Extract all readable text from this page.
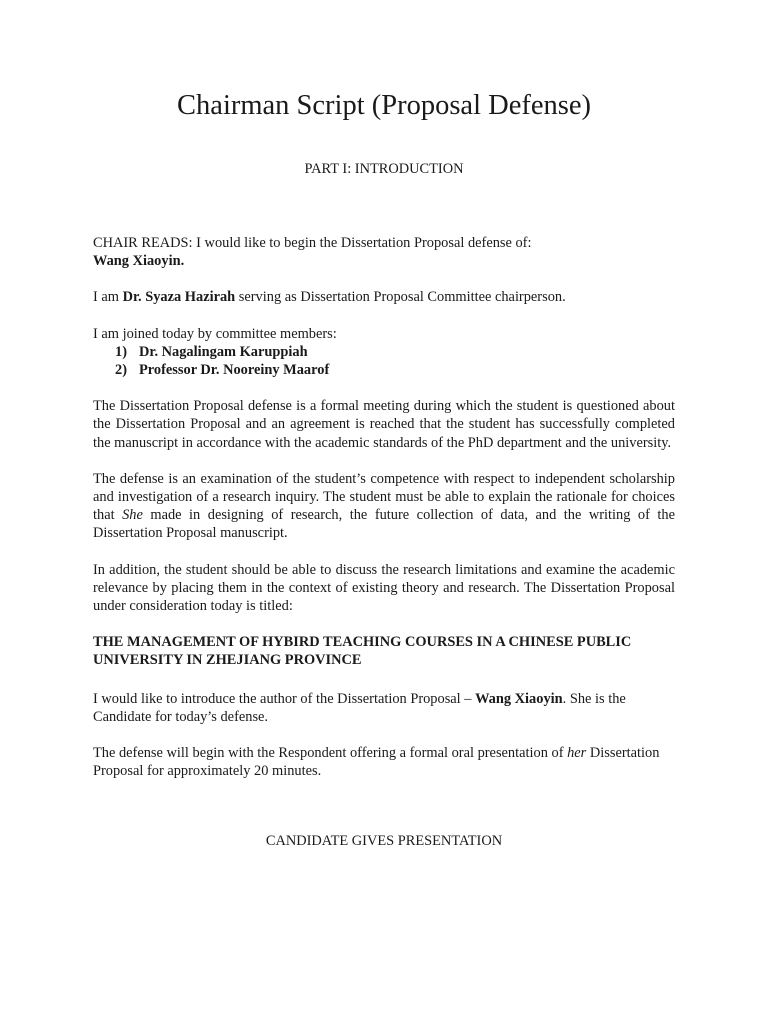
Chairman Script (Proposal Defense)

PART I: INTRODUCTION

CHAIR READS: I would like to begin the Dissertation Proposal defense of:
Wang Xiaoyin.

I am Dr. Syaza Hazirah serving as Dissertation Proposal Committee chairperson.

I am joined today by committee members:

1) Dr. Nagalingam Karuppiah
2) Professor Dr. Nooreiny Maarof

The Dissertation Proposal defense is a formal meeting during which the student is questioned about the Dissertation Proposal and an agreement is reached that the student has successfully completed the manuscript in accordance with the academic standards of the PhD department and the university.

The defense is an examination of the student’s competence with respect to independent scholarship and investigation of a research inquiry. The student must be able to explain the rationale for choices that She made in designing of research, the future collection of data, and the writing of the Dissertation Proposal manuscript.

In addition, the student should be able to discuss the research limitations and examine the academic relevance by placing them in the context of existing theory and research. The Dissertation Proposal under consideration today is titled:

THE MANAGEMENT OF HYBIRD TEACHING COURSES IN A CHINESE PUBLIC UNIVERSITY IN ZHEJIANG PROVINCE

I would like to introduce the author of the Dissertation Proposal – Wang Xiaoyin. She is the Candidate for today’s defense.

The defense will begin with the Respondent offering a formal oral presentation of her Dissertation Proposal for approximately 20 minutes.

CANDIDATE GIVES PRESENTATION
